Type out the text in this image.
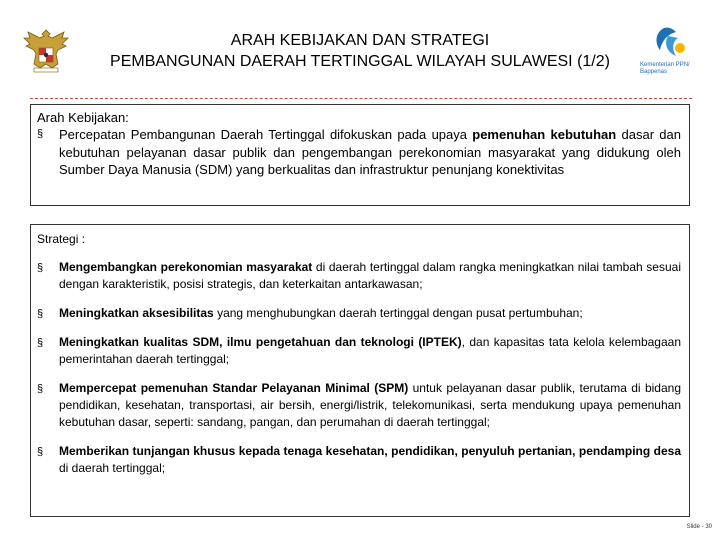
ARAH KEBIJAKAN DAN STRATEGI
PEMBANGUNAN DAERAH TERTINGGAL WILAYAH SULAWESI (1/2)	Kementerian PPN/
Bappenas
Arah Kebijakan:
§ Percepatan Pembangunan Daerah Tertinggal difokuskan pada upaya pemenuhan kebutuhan dasar dan kebutuhan pelayanan dasar publik dan pengembangan perekonomian masyarakat yang didukung oleh Sumber Daya Manusia (SDM) yang berkualitas dan infrastruktur penunjang konektivitas
Strategi :
§ Mengembangkan perekonomian masyarakat di daerah tertinggal dalam rangka meningkatkan nilai tambah sesuai dengan karakteristik, posisi strategis, dan keterkaitan antarkawasan;
§ Meningkatkan aksesibilitas yang menghubungkan daerah tertinggal dengan pusat pertumbuhan;
§ Meningkatkan kualitas SDM, ilmu pengetahuan dan teknologi (IPTEK), dan kapasitas tata kelola kelembagaan pemerintahan daerah tertinggal;
§ Mempercepat pemenuhan Standar Pelayanan Minimal (SPM) untuk pelayanan dasar publik, terutama di bidang pendidikan, kesehatan, transportasi, air bersih, energi/listrik, telekomunikasi, serta mendukung upaya pemenuhan kebutuhan dasar, seperti: sandang, pangan, dan perumahan di daerah tertinggal;
§ Memberikan tunjangan khusus kepada tenaga kesehatan, pendidikan, penyuluh pertanian, pendamping desa di daerah tertinggal;
Slide - 30
